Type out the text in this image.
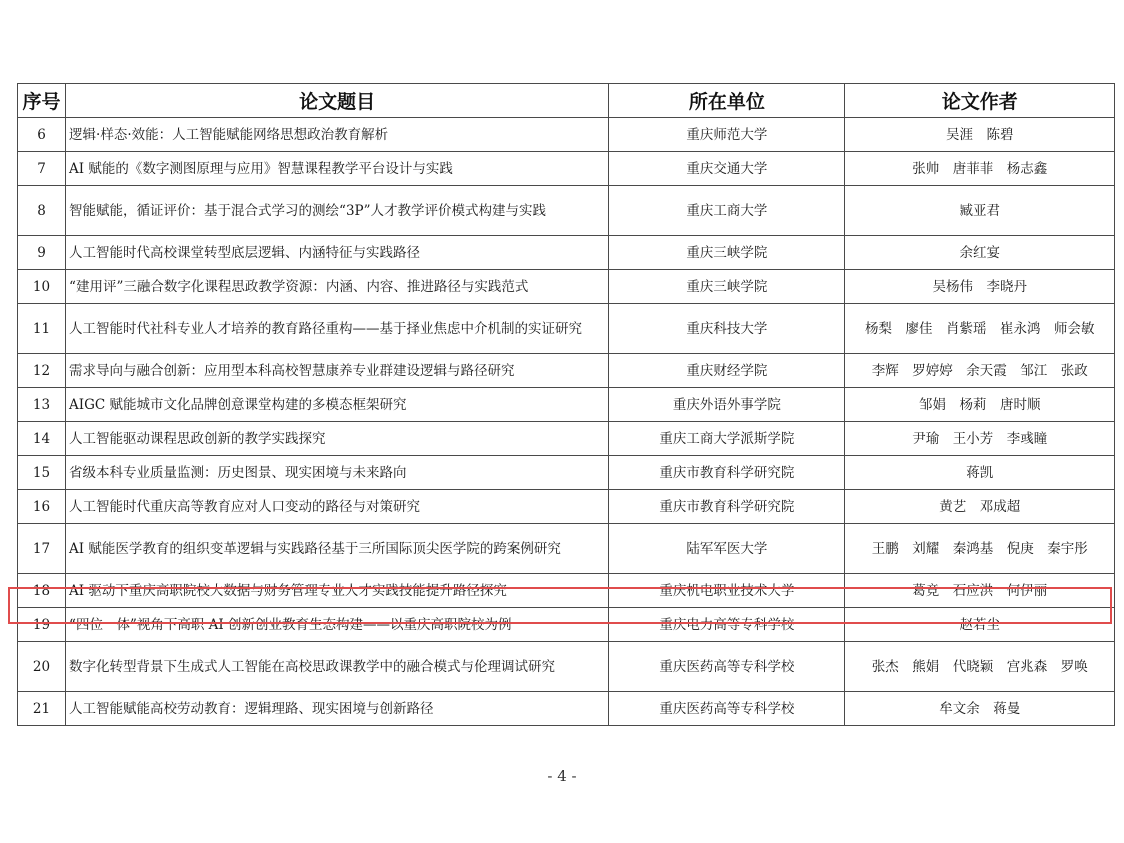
序号	论文题目	所在单位	论文作者
6	逻辑·样态·效能：人工智能赋能网络思想政治教育解析	重庆师范大学	吴涯　陈碧
7	AI 赋能的《数字测图原理与应用》智慧课程教学平台设计与实践	重庆交通大学	张帅　唐菲菲　杨志鑫
8	智能赋能，循证评价：基于混合式学习的测绘“3P”人才教学评价模式构建与实践	重庆工商大学	臧亚君
9	人工智能时代高校课堂转型底层逻辑、内涵特征与实践路径	重庆三峡学院	余红宴
10	“建用评”三融合数字化课程思政教学资源：内涵、内容、推进路径与实践范式	重庆三峡学院	吴杨伟　李晓丹
11	人工智能时代社科专业人才培养的教育路径重构——基于择业焦虑中介机制的实证研究	重庆科技大学	杨梨　廖佳　肖紫瑶　崔永鸿　师会敏
12	需求导向与融合创新：应用型本科高校智慧康养专业群建设逻辑与路径研究	重庆财经学院	李辉　罗婷婷　余天霞　邹江　张政
13	AIGC 赋能城市文化品牌创意课堂构建的多模态框架研究	重庆外语外事学院	邹娟　杨莉　唐时顺
14	人工智能驱动课程思政创新的教学实践探究	重庆工商大学派斯学院	尹瑜　王小芳　李彧瞳
15	省级本科专业质量监测：历史图景、现实困境与未来路向	重庆市教育科学研究院	蒋凯
16	人工智能时代重庆高等教育应对人口变动的路径与对策研究	重庆市教育科学研究院	黄艺　邓成超
17	AI 赋能医学教育的组织变革逻辑与实践路径基于三所国际顶尖医学院的跨案例研究	陆军军医大学	王鹏　刘耀　秦鸿基　倪庚　秦宇彤
18	AI 驱动下重庆高职院校大数据与财务管理专业人才实践技能提升路径探究	重庆机电职业技术大学	葛竞　石应洪　何伊丽
19	“四位一体”视角下高职 AI 创新创业教育生态构建——以重庆高职院校为例	重庆电力高等专科学校	赵若尘
20	数字化转型背景下生成式人工智能在高校思政课教学中的融合模式与伦理调试研究	重庆医药高等专科学校	张杰　熊娟　代晓颖　宫兆森　罗唤
21	人工智能赋能高校劳动教育：逻辑理路、现实困境与创新路径	重庆医药高等专科学校	牟文余　蒋曼
- 4 -
